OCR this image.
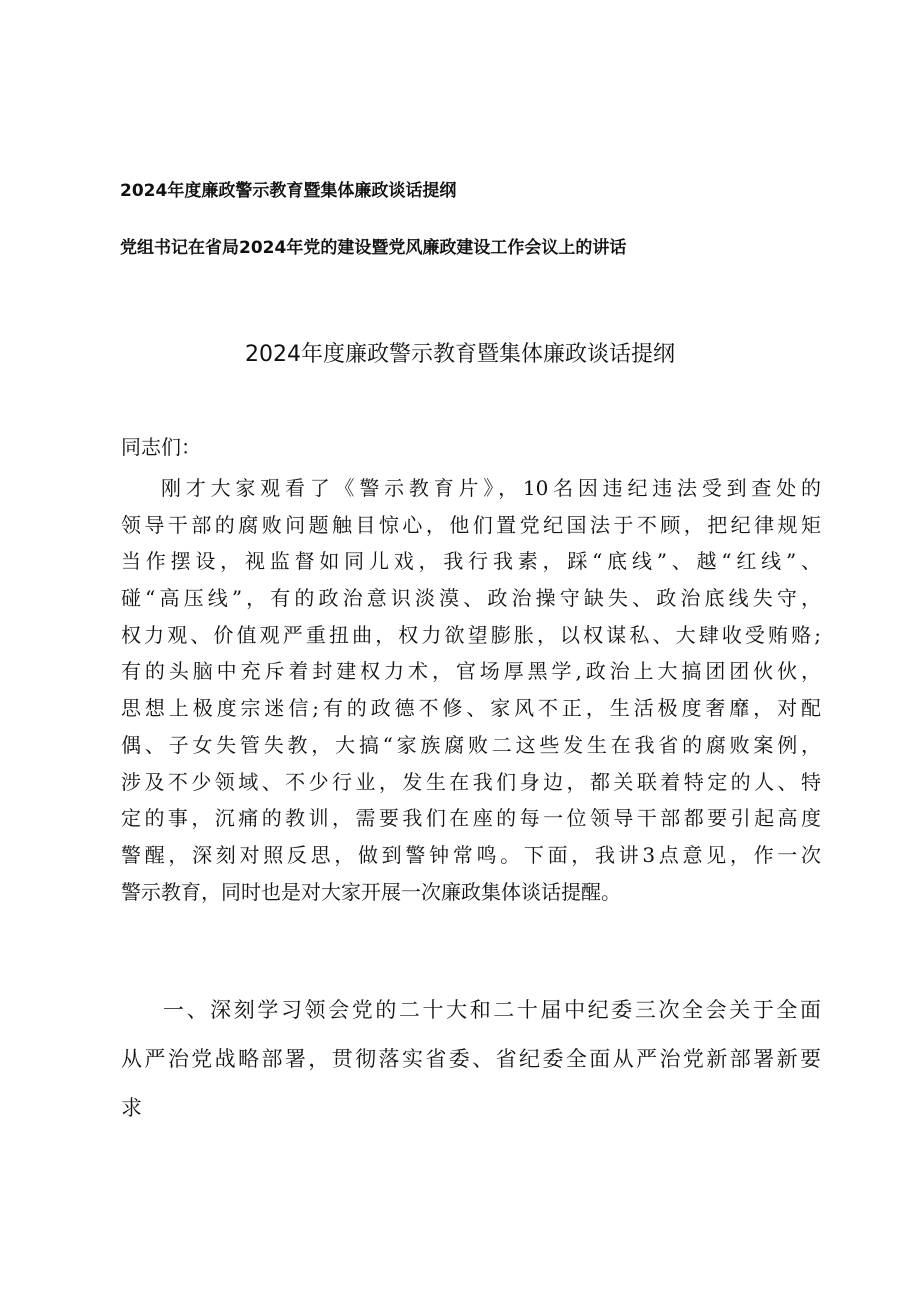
2024年度廉政警示教育暨集体廉政谈话提纲
党组书记在省局2024年党的建设暨党风廉政建设工作会议上的讲话
2024年度廉政警示教育暨集体廉政谈话提纲
同志们：
刚才大家观看了《警示教育片》，10名因违纪违法受到查处的
领导干部的腐败问题触目惊心，他们置党纪国法于不顾，把纪律规矩
当作摆设，视监督如同儿戏，我行我素，踩“底线”、越“红线”、
碰“高压线”，有的政治意识淡漠、政治操守缺失、政治底线失守，
权力观、价值观严重扭曲，权力欲望膨胀，以权谋私、大肆收受贿赂;
有的头脑中充斥着封建权力术，官场厚黑学,政治上大搞团团伙伙，
思想上极度宗迷信;有的政德不修、家风不正，生活极度奢靡，对配
偶、子女失管失教，大搞“家族腐败二这些发生在我省的腐败案例，
涉及不少领域、不少行业，发生在我们身边，都关联着特定的人、特
定的事，沉痛的教训，需要我们在座的每一位领导干部都要引起高度
警醒，深刻对照反思，做到警钟常鸣。下面，我讲3点意见，作一次
警示教育，同时也是对大家开展一次廉政集体谈话提醒。
一、深刻学习领会党的二十大和二十届中纪委三次全会关于全面
从严治党战略部署，贯彻落实省委、省纪委全面从严治党新部署新要
求
